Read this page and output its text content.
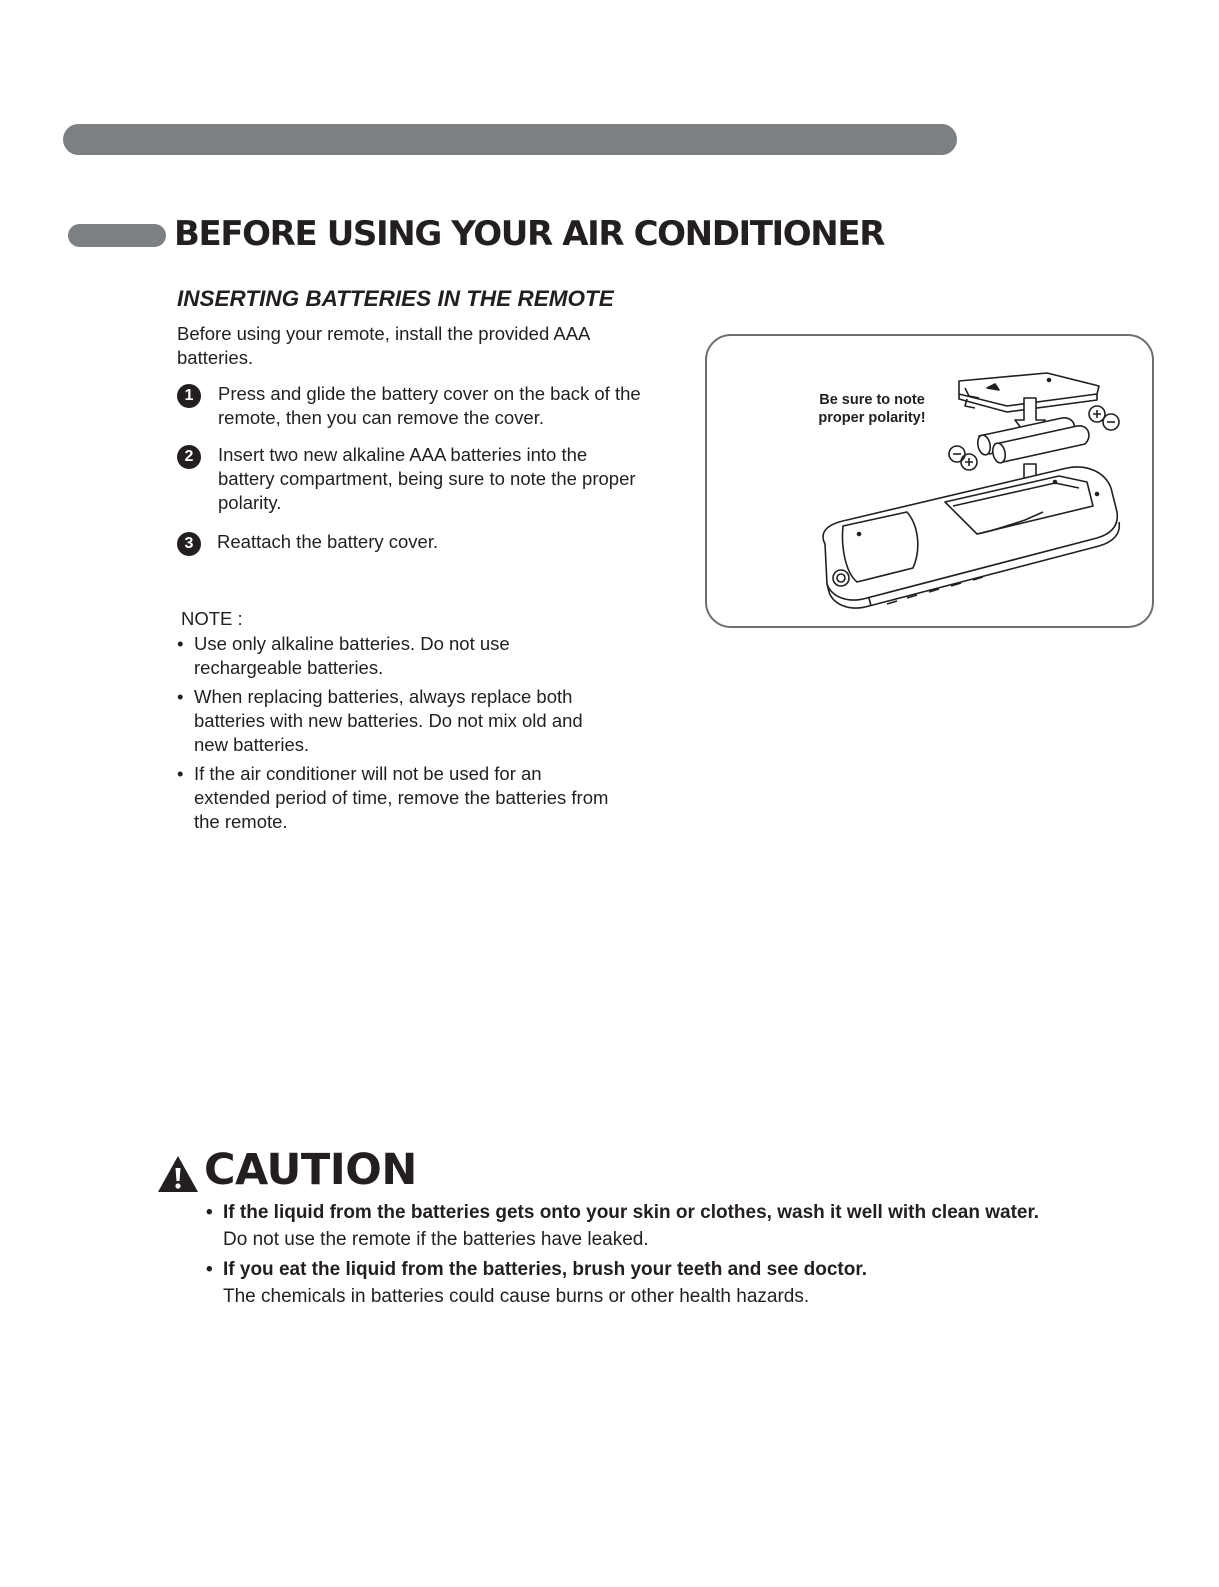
BEFORE USING YOUR AIR CONDITIONER
INSERTING BATTERIES IN THE REMOTE

Before using your remote, install the provided AAA batteries.

1	Press and glide the battery cover on the back of the remote, then you can remove the cover.
2	Insert two new alkaline AAA batteries into the battery compartment, being sure to note the proper polarity.
3	Reattach the battery cover.

NOTE :

• Use only alkaline batteries. Do not use rechargeable batteries.
• When replacing batteries, always replace both batteries with new batteries. Do not mix old and new batteries.
• If the air conditioner will not be used for an extended period of time, remove the batteries from the remote.
Be sure to note
proper polarity!
CAUTION
• If the liquid from the batteries gets onto your skin or clothes, wash it well with clean water.
Do not use the remote if the batteries have leaked.
• If you eat the liquid from the batteries, brush your teeth and see doctor.
The chemicals in batteries could cause burns or other health hazards.
